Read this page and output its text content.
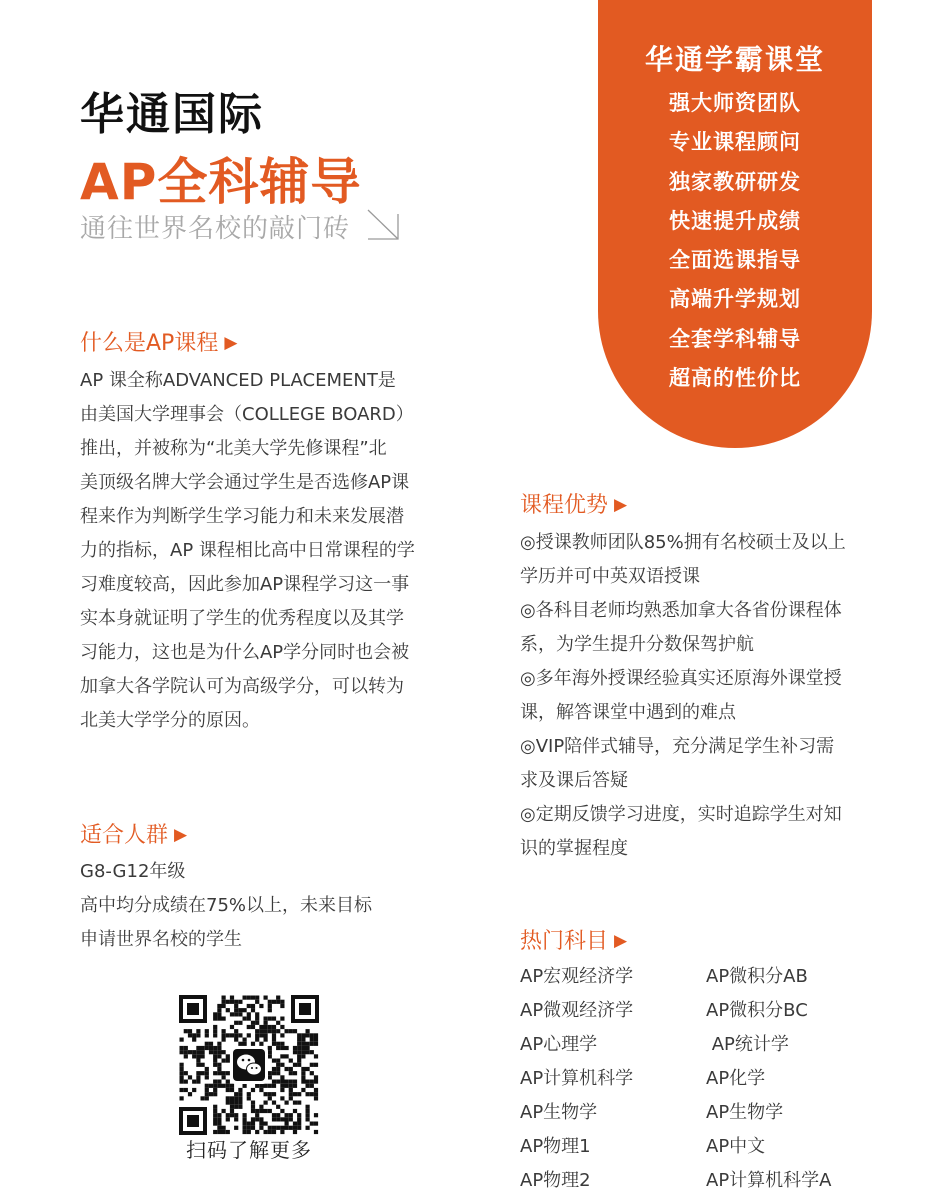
华通国际
AP全科辅导
通往世界名校的敲门砖
华通学霸课堂
强大师资团队
专业课程顾问
独家教研研发
快速提升成绩
全面选课指导
高端升学规划
全套学科辅导
超高的性价比
什么是AP课程 ▶
AP 课全称ADVANCED PLACEMENT是
由美国大学理事会（COLLEGE BOARD）
推出，并被称为“北美大学先修课程”北
美顶级名牌大学会通过学生是否选修AP课
程来作为判断学生学习能力和未来发展潜
力的指标，AP 课程相比高中日常课程的学
习难度较高，因此参加AP课程学习这一事
实本身就证明了学生的优秀程度以及其学
习能力，这也是为什么AP学分同时也会被
加拿大各学院认可为高级学分，可以转为
北美大学学分的原因。
适合人群 ▶
G8-G12年级
高中均分成绩在75%以上，未来目标
申请世界名校的学生
课程优势 ▶
◎授课教师团队85%拥有名校硕士及以上
学历并可中英双语授课
◎各科目老师均熟悉加拿大各省份课程体
系，为学生提升分数保驾护航
◎多年海外授课经验真实还原海外课堂授
课，解答课堂中遇到的难点
◎VIP陪伴式辅导，充分满足学生补习需
求及课后答疑
◎定期反馈学习进度，实时追踪学生对知
识的掌握程度
热门科目 ▶
AP宏观经济学	AP微积分AB
AP微观经济学	AP微积分BC
AP心理学	AP统计学
AP计算机科学	AP化学
AP生物学	AP生物学
AP物理1	AP中文
AP物理2	AP计算机科学A
扫码了解更多
